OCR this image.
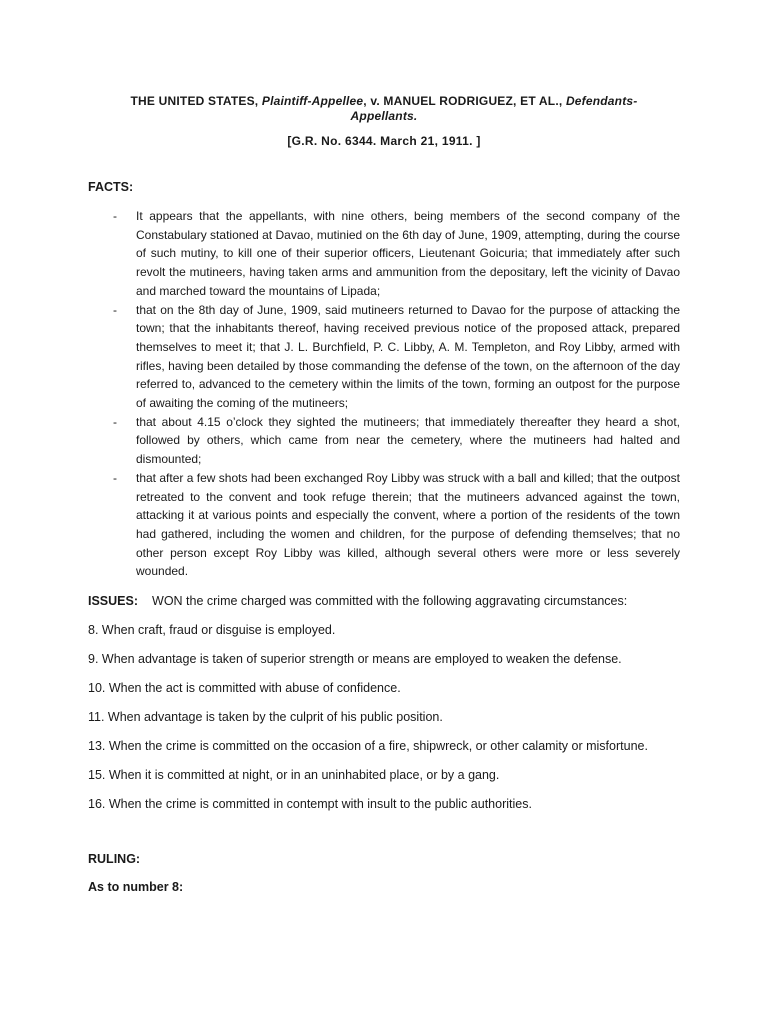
THE UNITED STATES, Plaintiff-Appellee, v. MANUEL RODRIGUEZ, ET AL., Defendants-Appellants.
[G.R. No. 6344. March 21, 1911. ]
FACTS:
- It appears that the appellants, with nine others, being members of the second company of the Constabulary stationed at Davao, mutinied on the 6th day of June, 1909, attempting, during the course of such mutiny, to kill one of their superior officers, Lieutenant Goicuria; that immediately after such revolt the mutineers, having taken arms and ammunition from the depositary, left the vicinity of Davao and marched toward the mountains of Lipada;
- that on the 8th day of June, 1909, said mutineers returned to Davao for the purpose of attacking the town; that the inhabitants thereof, having received previous notice of the proposed attack, prepared themselves to meet it; that J. L. Burchfield, P. C. Libby, A. M. Templeton, and Roy Libby, armed with rifles, having been detailed by those commanding the defense of the town, on the afternoon of the day referred to, advanced to the cemetery within the limits of the town, forming an outpost for the purpose of awaiting the coming of the mutineers;
- that about 4.15 o’clock they sighted the mutineers; that immediately thereafter they heard a shot, followed by others, which came from near the cemetery, where the mutineers had halted and dismounted;
- that after a few shots had been exchanged Roy Libby was struck with a ball and killed; that the outpost retreated to the convent and took refuge therein; that the mutineers advanced against the town, attacking it at various points and especially the convent, where a portion of the residents of the town had gathered, including the women and children, for the purpose of defending themselves; that no other person except Roy Libby was killed, although several others were more or less severely wounded.
ISSUES: WON the crime charged was committed with the following aggravating circumstances:
8. When craft, fraud or disguise is employed.
9. When advantage is taken of superior strength or means are employed to weaken the defense.
10. When the act is committed with abuse of confidence.
11. When advantage is taken by the culprit of his public position.
13. When the crime is committed on the occasion of a fire, shipwreck, or other calamity or misfortune.
15. When it is committed at night, or in an uninhabited place, or by a gang.
16. When the crime is committed in contempt with insult to the public authorities.
RULING:
As to number 8:
